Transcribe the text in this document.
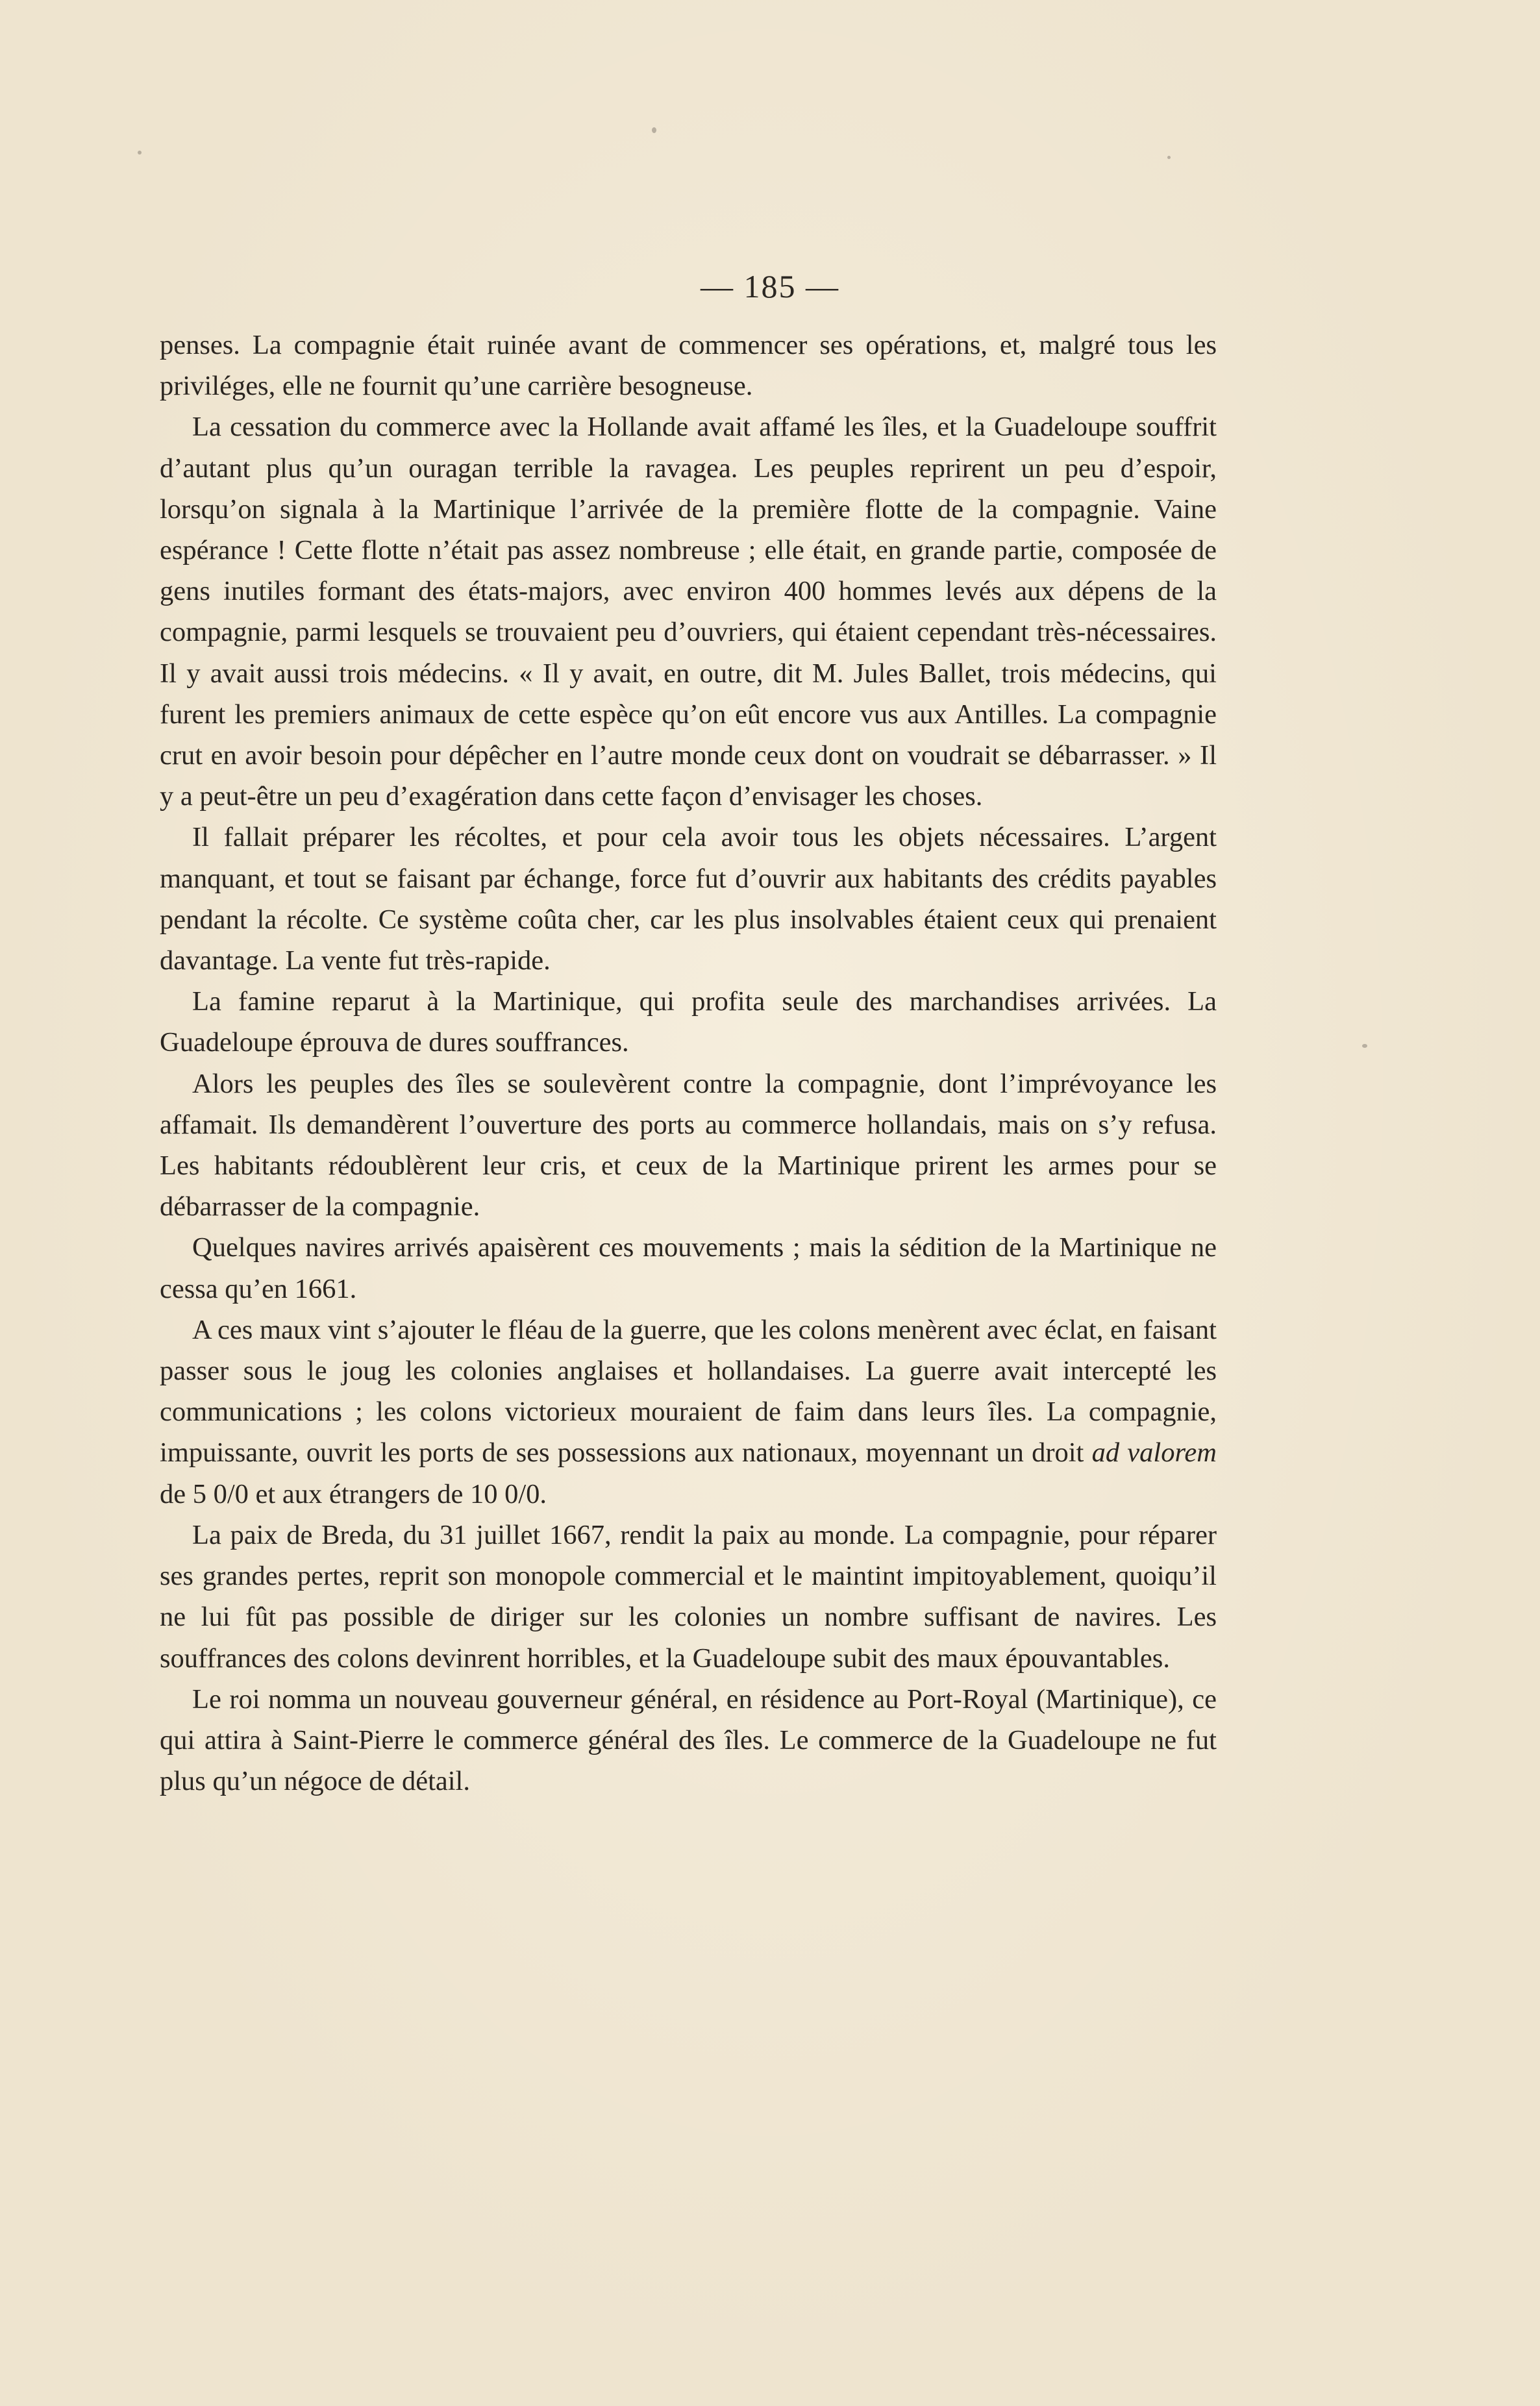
— 185 —

penses. La compagnie était ruinée avant de commencer ses opérations, et, malgré tous les priviléges, elle ne fournit qu’une carrière besogneuse.

La cessation du commerce avec la Hollande avait affamé les îles, et la Guadeloupe souffrit d’autant plus qu’un ouragan terrible la ravagea. Les peuples reprirent un peu d’espoir, lorsqu’on signala à la Martinique l’arrivée de la première flotte de la compagnie. Vaine espérance ! Cette flotte n’était pas assez nombreuse ; elle était, en grande partie, composée de gens inutiles formant des états-majors, avec environ 400 hommes levés aux dépens de la compagnie, parmi lesquels se trouvaient peu d’ouvriers, qui étaient cependant très-nécessaires. Il y avait aussi trois médecins. « Il y avait, en outre, dit M. Jules Ballet, trois médecins, qui furent les premiers animaux de cette espèce qu’on eût encore vus aux Antilles. La compagnie crut en avoir besoin pour dépêcher en l’autre monde ceux dont on voudrait se débarrasser. » Il y a peut-être un peu d’exagération dans cette façon d’envisager les choses.

Il fallait préparer les récoltes, et pour cela avoir tous les objets nécessaires. L’argent manquant, et tout se faisant par échange, force fut d’ouvrir aux habitants des crédits payables pendant la récolte. Ce système coûta cher, car les plus insolvables étaient ceux qui prenaient davantage. La vente fut très-rapide.

La famine reparut à la Martinique, qui profita seule des marchandises arrivées. La Guadeloupe éprouva de dures souffrances.

Alors les peuples des îles se soulevèrent contre la compagnie, dont l’imprévoyance les affamait. Ils demandèrent l’ouverture des ports au commerce hollandais, mais on s’y refusa. Les habitants rédoublèrent leur cris, et ceux de la Martinique prirent les armes pour se débarrasser de la compagnie.

Quelques navires arrivés apaisèrent ces mouvements ; mais la sédition de la Martinique ne cessa qu’en 1661.

A ces maux vint s’ajouter le fléau de la guerre, que les colons menèrent avec éclat, en faisant passer sous le joug les colonies anglaises et hollandaises. La guerre avait intercepté les communications ; les colons victorieux mouraient de faim dans leurs îles. La compagnie, impuissante, ouvrit les ports de ses possessions aux nationaux, moyennant un droit ad valorem de 5 0/0 et aux étrangers de 10 0/0.

La paix de Breda, du 31 juillet 1667, rendit la paix au monde. La compagnie, pour réparer ses grandes pertes, reprit son monopole commercial et le maintint impitoyablement, quoiqu’il ne lui fût pas possible de diriger sur les colonies un nombre suffisant de navires. Les souffrances des colons devinrent horribles, et la Guadeloupe subit des maux épouvantables.

Le roi nomma un nouveau gouverneur général, en résidence au Port-Royal (Martinique), ce qui attira à Saint-Pierre le commerce général des îles. Le commerce de la Guadeloupe ne fut plus qu’un négoce de détail.
